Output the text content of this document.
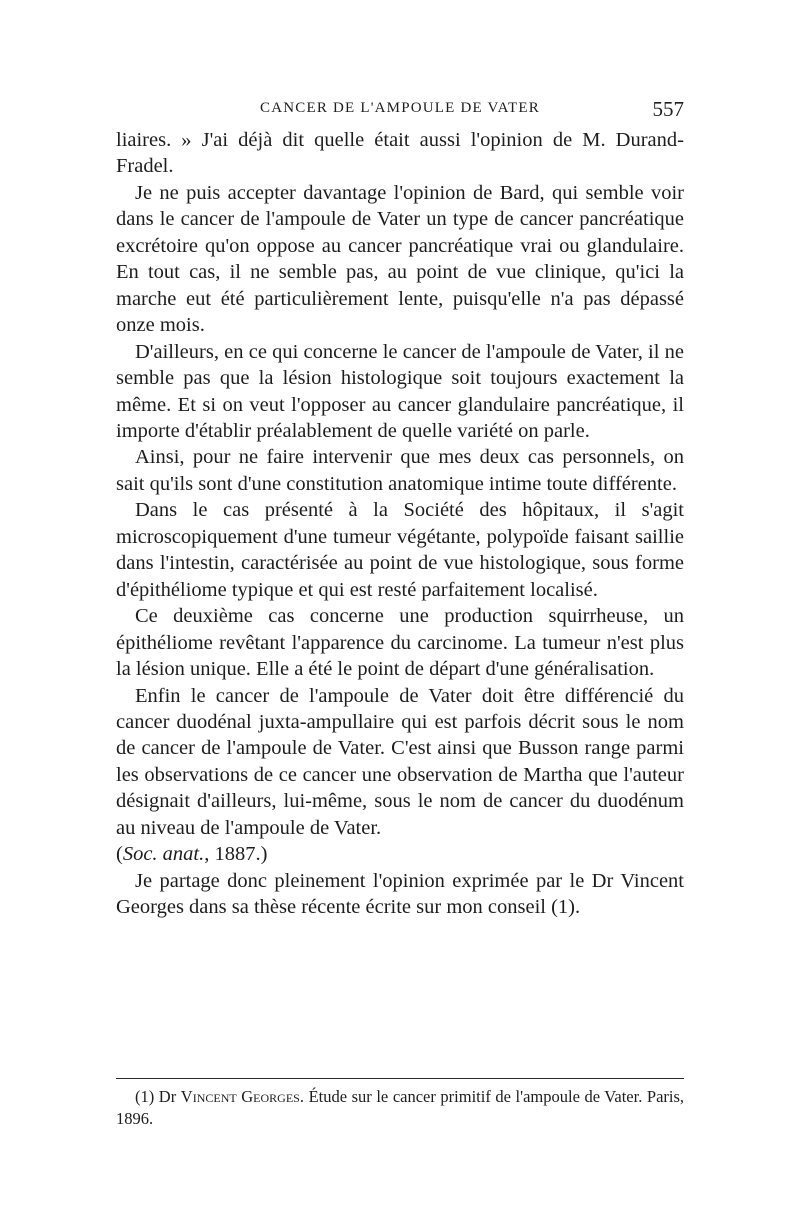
CANCER DE L'AMPOULE DE VATER	557

liaires. » J'ai déjà dit quelle était aussi l'opinion de M. Durand-Fradel.

Je ne puis accepter davantage l'opinion de Bard, qui semble voir dans le cancer de l'ampoule de Vater un type de cancer pancréatique excrétoire qu'on oppose au cancer pancréatique vrai ou glandulaire. En tout cas, il ne semble pas, au point de vue clinique, qu'ici la marche eut été particulièrement lente, puisqu'elle n'a pas dépassé onze mois.

D'ailleurs, en ce qui concerne le cancer de l'ampoule de Vater, il ne semble pas que la lésion histologique soit toujours exactement la même. Et si on veut l'opposer au cancer glandulaire pancréatique, il importe d'établir préalablement de quelle variété on parle.

Ainsi, pour ne faire intervenir que mes deux cas personnels, on sait qu'ils sont d'une constitution anatomique intime toute différente.

Dans le cas présenté à la Société des hôpitaux, il s'agit microscopiquement d'une tumeur végétante, polypoïde faisant saillie dans l'intestin, caractérisée au point de vue histologique, sous forme d'épithéliome typique et qui est resté parfaitement localisé.

Ce deuxième cas concerne une production squirrheuse, un épithéliome revêtant l'apparence du carcinome. La tumeur n'est plus la lésion unique. Elle a été le point de départ d'une généralisation.

Enfin le cancer de l'ampoule de Vater doit être différencié du cancer duodénal juxta-ampullaire qui est parfois décrit sous le nom de cancer de l'ampoule de Vater. C'est ainsi que Busson range parmi les observations de ce cancer une observation de Martha que l'auteur désignait d'ailleurs, lui-même, sous le nom de cancer du duodénum au niveau de l'ampoule de Vater.

(Soc. anat., 1887.)

Je partage donc pleinement l'opinion exprimée par le Dr Vincent Georges dans sa thèse récente écrite sur mon conseil (1).

(1) Dr Vincent Georges. Étude sur le cancer primitif de l'ampoule de Vater. Paris, 1896.
